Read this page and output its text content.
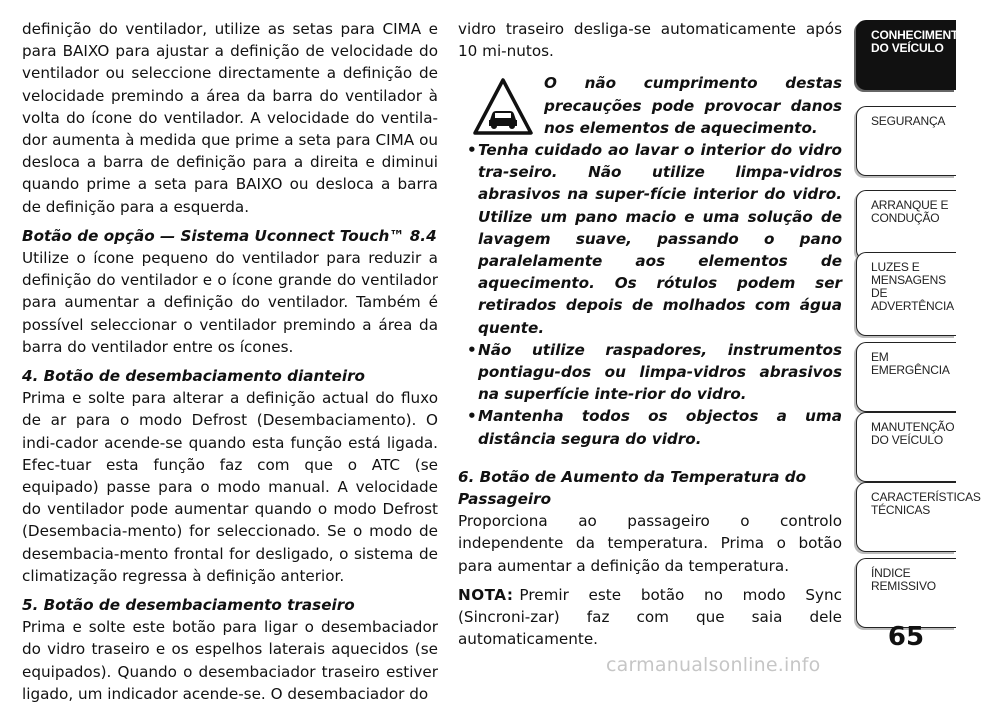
definição do ventilador, utilize as setas para CIMA e para BAIXO para ajustar a definição de velocidade do ventilador ou seleccione directamente a definição de velocidade premindo a área da barra do ventilador à volta do ícone do ventilador. A velocidade do ventila-dor aumenta à medida que prime a seta para CIMA ou desloca a barra de definição para a direita e diminui quando prime a seta para BAIXO ou desloca a barra de definição para a esquerda.

Botão de opção — Sistema Uconnect Touch™ 8.4

Utilize o ícone pequeno do ventilador para reduzir a definição do ventilador e o ícone grande do ventilador para aumentar a definição do ventilador. Também é possível seleccionar o ventilador premindo a área da barra do ventilador entre os ícones.

4. Botão de desembaciamento dianteiro

Prima e solte para alterar a definição actual do fluxo de ar para o modo Defrost (Desembaciamento). O indi-cador acende-se quando esta função está ligada. Efec-tuar esta função faz com que o ATC (se equipado) passe para o modo manual. A velocidade do ventilador pode aumentar quando o modo Defrost (Desembacia-mento) for seleccionado. Se o modo de desembacia-mento frontal for desligado, o sistema de climatização regressa à definição anterior.

5. Botão de desembaciamento traseiro

Prima e solte este botão para ligar o desembaciador do vidro traseiro e os espelhos laterais aquecidos (se equipados). Quando o desembaciador traseiro estiver ligado, um indicador acende-se. O desembaciador do

vidro traseiro desliga-se automaticamente após 10 mi-nutos.

O não cumprimento destas precauções pode provocar danos nos elementos de aquecimento.

•Tenha cuidado ao lavar o interior do vidro tra-seiro. Não utilize limpa-vidros abrasivos na super-fície interior do vidro. Utilize um pano macio e uma solução de lavagem suave, passando o pano paralelamente aos elementos de aquecimento. Os rótulos podem ser retirados depois de molhados com água quente.

•Não utilize raspadores, instrumentos pontiagu-dos ou limpa-vidros abrasivos na superfície inte-rior do vidro.

•Mantenha todos os objectos a uma distância segura do vidro.

6. Botão de Aumento da Temperatura do
Passageiro

Proporciona ao passageiro o controlo independente da temperatura. Prima o botão para aumentar a definição da temperatura.

NOTA: Premir este botão no modo Sync (Sincroni-zar) faz com que saia dele automaticamente.

CONHECIMENTO DO VEÍCULO
SEGURANÇA
ARRANQUE E CONDUÇÃO
LUZES E MENSAGENS DE ADVERTÊNCIA
EM EMERGÊNCIA
MANUTENÇÃO DO VEÍCULO
CARACTERÍSTICAS TÉCNICAS
ÍNDICE REMISSIVO
65
carmanualsonline.info
